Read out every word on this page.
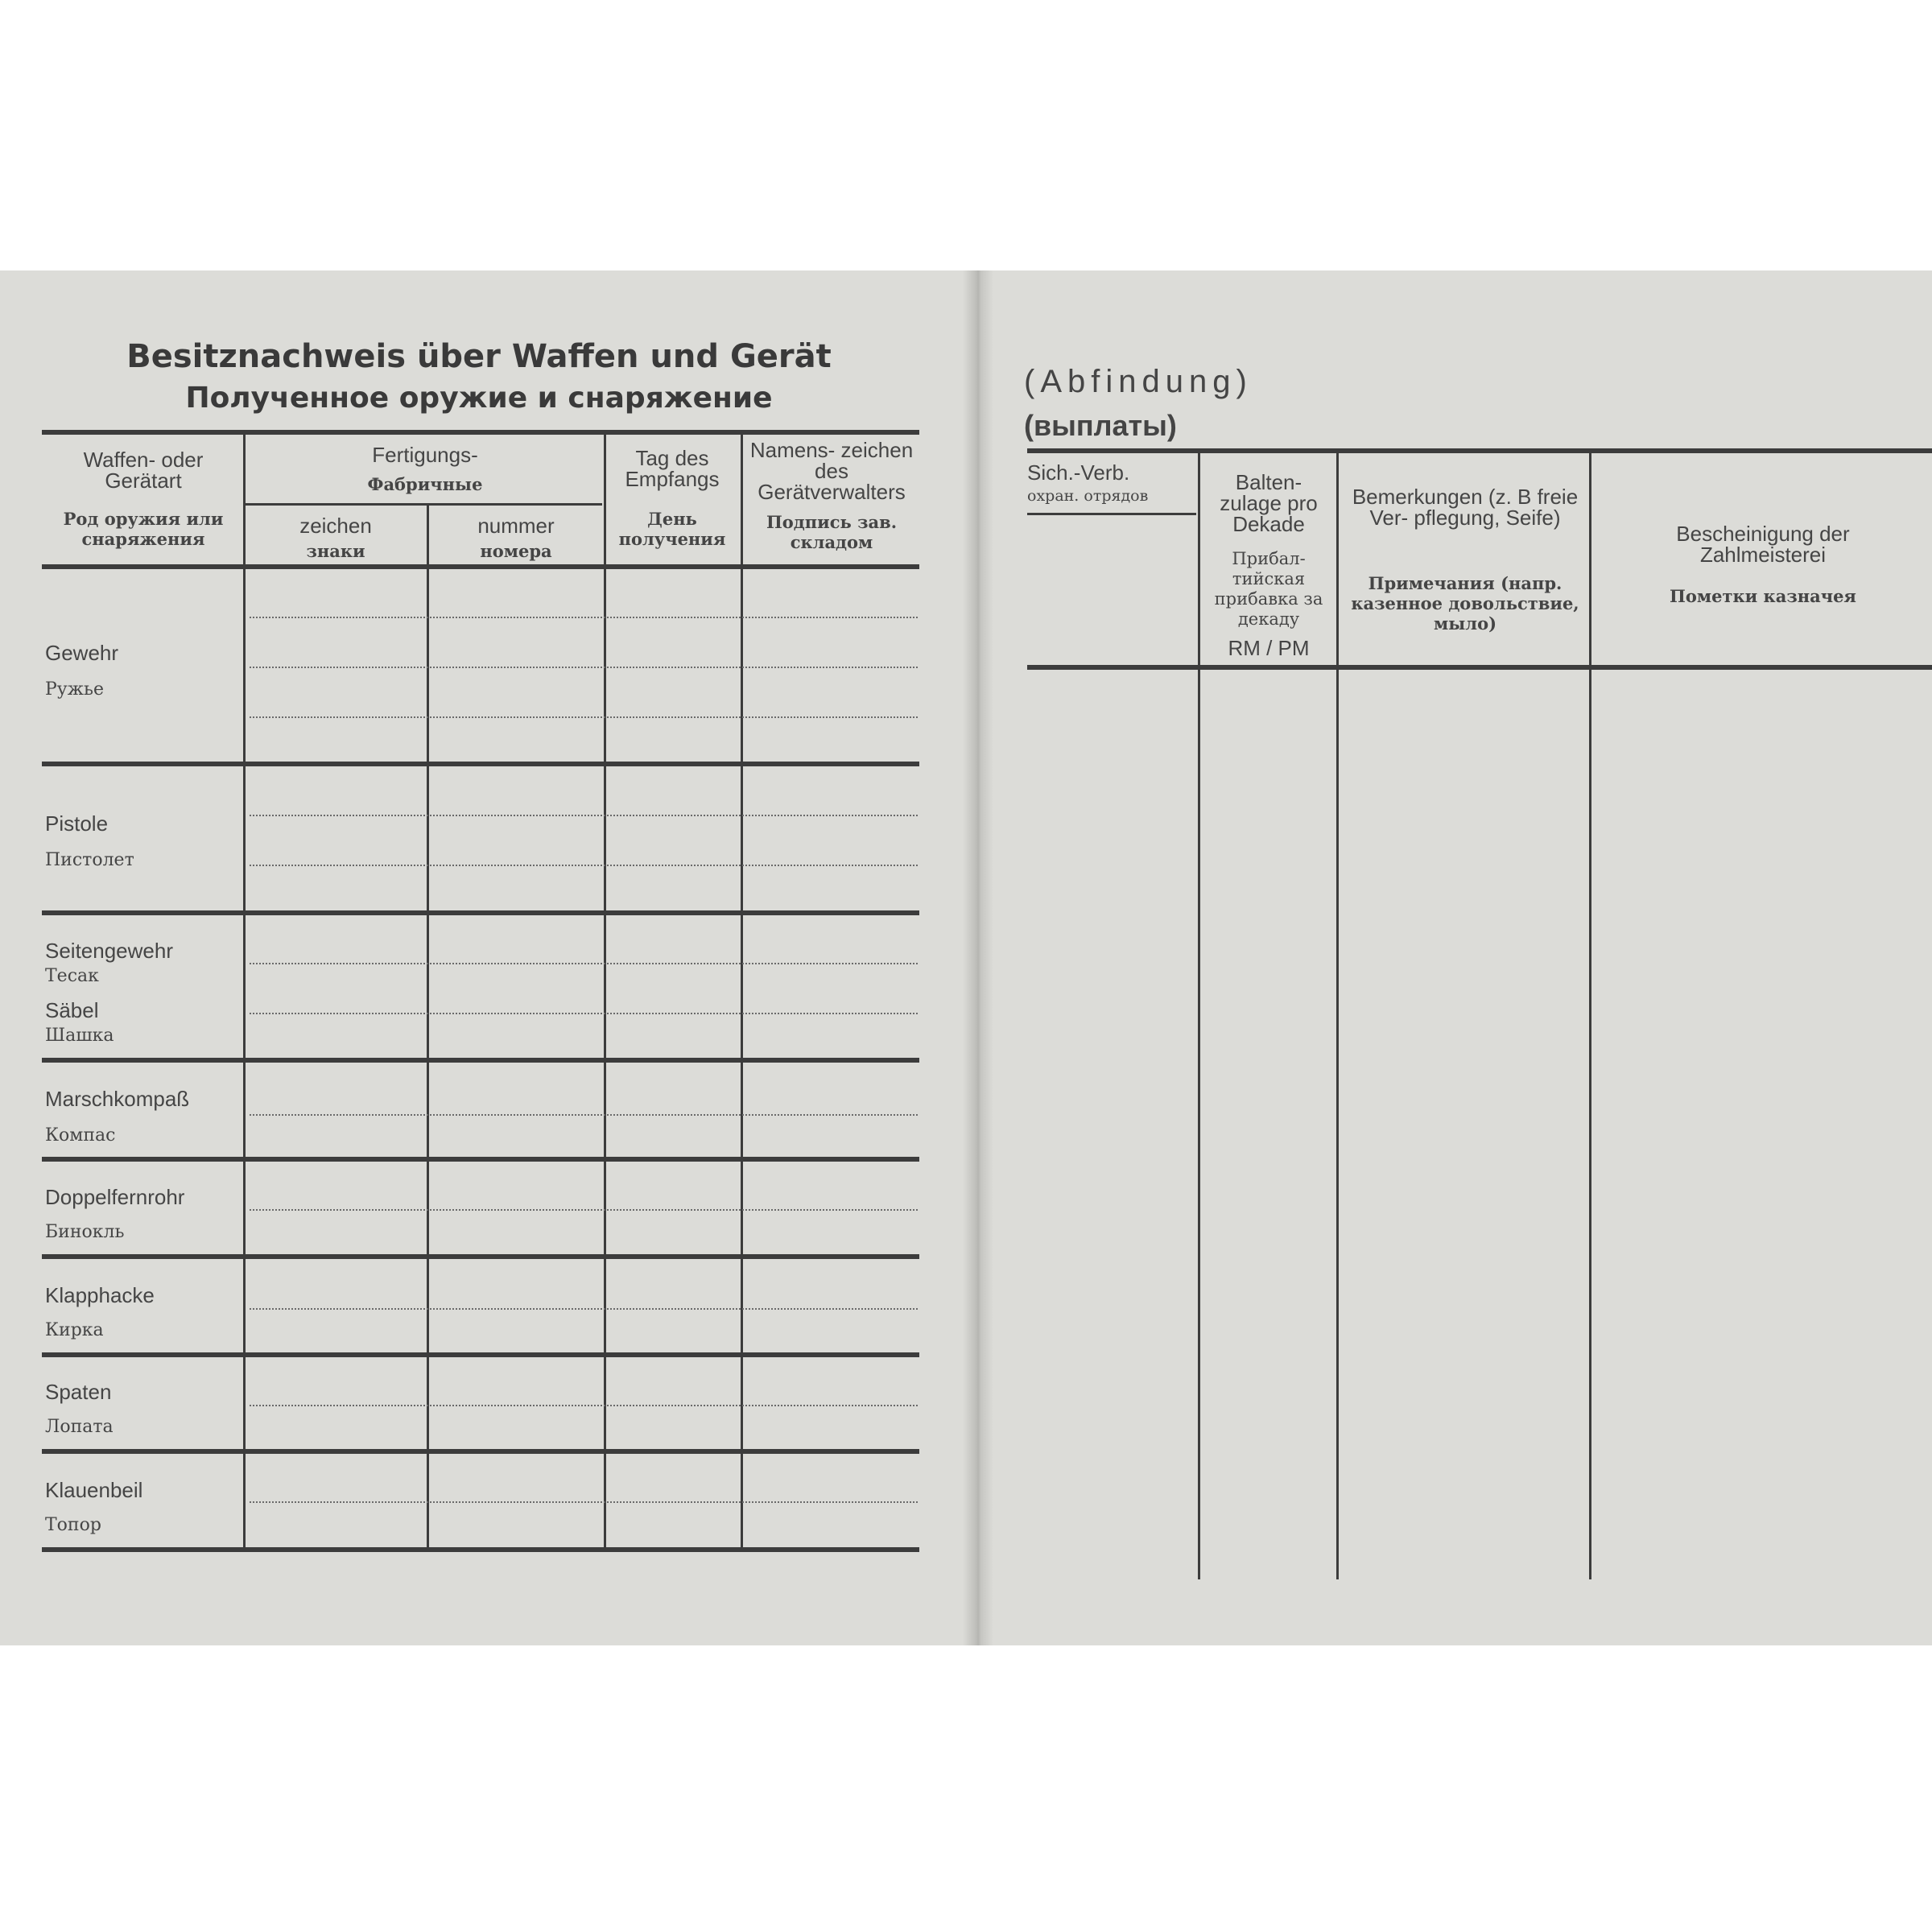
Besitznachweis über Waffen und Gerät
Полученное оружие и снаряжение
Waffen- oder Gerätart
Род оружия или снаряжения
Fertigungs-
Фабричные
zeichen
знаки
nummer
номера
Tag des Empfangs
День получения
Namens- zeichen des Gerätverwalters
Подпись зав. складом
Gewehr
Ружье
Pistole
Пистолет
Seitengewehr
Тесак
Säbel
Шашка
Marschkompaß
Компас
Doppelfernrohr
Бинокль
Klapphacke
Кирка
Spaten
Лопата
Klauenbeil
Топор
(Abfindung)
(выплаты)
Sich.-Verb.
охран. отрядов
Balten- zulage pro Dekade
Прибал- тийская прибавка за декаду
RM / PM
Bemerkungen (z. B freie Ver- pflegung, Seife)
Примечания (напр. казенное довольствие, мыло)
Bescheinigung der Zahlmeisterei
Пометки казначея
